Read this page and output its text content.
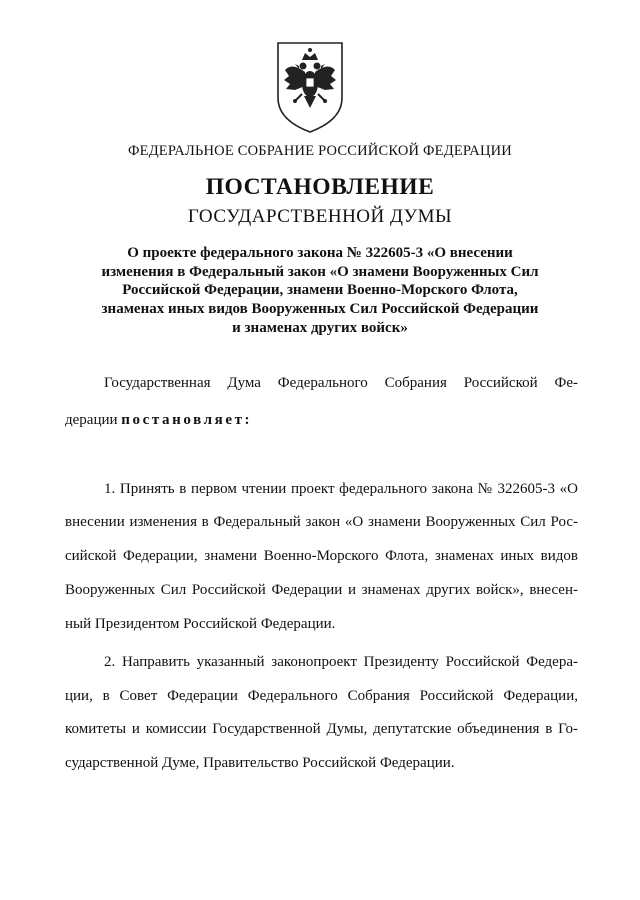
ФЕДЕРАЛЬНОЕ СОБРАНИЕ РОССИЙСКОЙ ФЕДЕРАЦИИ
ПОСТАНОВЛЕНИЕ
ГОСУДАРСТВЕННОЙ ДУМЫ
О проекте федерального закона № 322605-3 «О внесении
изменения в Федеральный закон «О знамени Вооруженных Сил
Российской Федерации, знамени Военно-Морского Флота,
знаменах иных видов Вооруженных Сил Российской Федерации
и знаменах других войск»
Государственная Дума Федерального Собрания Российской Фе-
дерации постановляет:
1. Принять в первом чтении проект федерального закона № 322605-3 «О
внесении изменения в Федеральный закон «О знамени Вооруженных Сил Рос-
сийской Федерации, знамени Военно-Морского Флота, знаменах иных видов
Вооруженных Сил Российской Федерации и знаменах других войск», внесен-
ный Президентом Российской Федерации.
2. Направить указанный законопроект Президенту Российской Федера-
ции, в Совет Федерации Федерального Собрания Российской Федерации,
комитеты и комиссии Государственной Думы, депутатские объединения в Го-
сударственной Думе, Правительство Российской Федерации.
